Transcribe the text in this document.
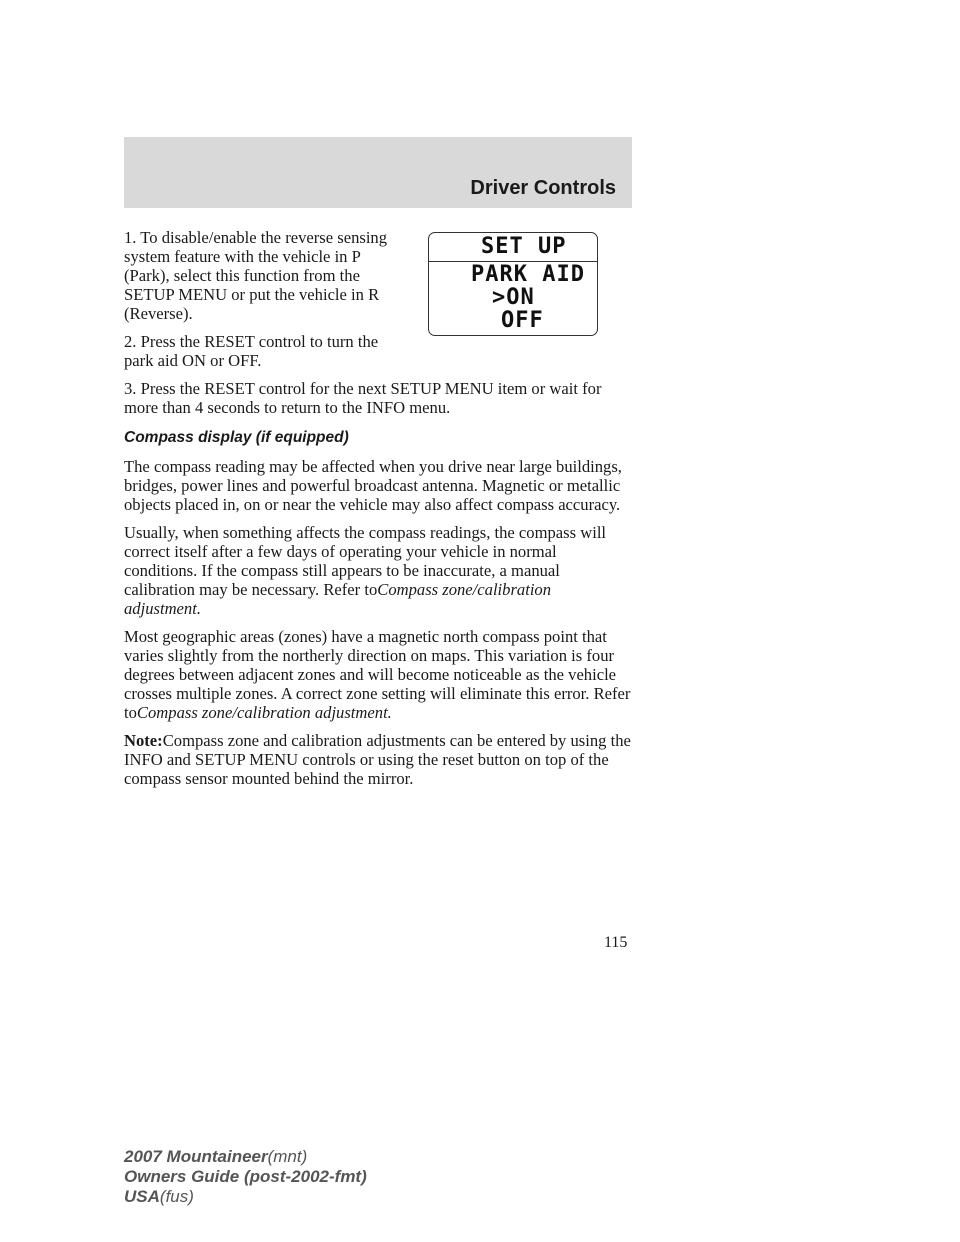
Driver Controls
SET UP
PARK AID
>ON
OFF

1. To disable/enable the reverse sensing system feature with the vehicle in P (Park), select this function from the SETUP MENU or put the vehicle in R (Reverse).

2. Press the RESET control to turn the park aid ON or OFF.

3. Press the RESET control for the next SETUP MENU item or wait for more than 4 seconds to return to the INFO menu.

Compass display (if equipped)

The compass reading may be affected when you drive near large buildings, bridges, power lines and powerful broadcast antenna. Magnetic or metallic objects placed in, on or near the vehicle may also affect compass accuracy.

Usually, when something affects the compass readings, the compass will correct itself after a few days of operating your vehicle in normal conditions. If the compass still appears to be inaccurate, a manual calibration may be necessary. Refer toCompass zone/calibration adjustment.

Most geographic areas (zones) have a magnetic north compass point that varies slightly from the northerly direction on maps. This variation is four degrees between adjacent zones and will become noticeable as the vehicle crosses multiple zones. A correct zone setting will eliminate this error. Refer toCompass zone/calibration adjustment.

Note:Compass zone and calibration adjustments can be entered by using the INFO and SETUP MENU controls or using the reset button on top of the compass sensor mounted behind the mirror.

115
2007 Mountaineer(mnt)
Owners Guide (post-2002-fmt)
USA(fus)
